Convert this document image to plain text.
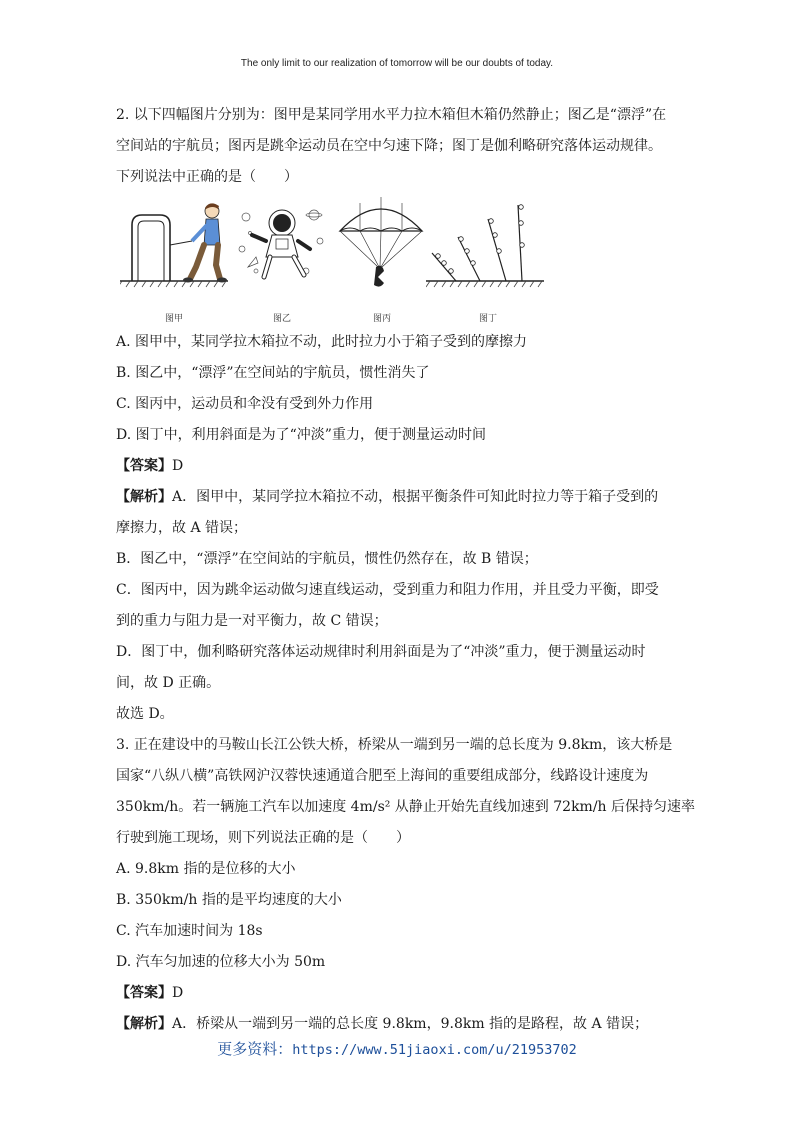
The only limit to our realization of tomorrow will be our doubts of today.
2. 以下四幅图片分别为：图甲是某同学用水平力拉木箱但木箱仍然静止；图乙是“漂浮”在
空间站的宇航员；图丙是跳伞运动员在空中匀速下降；图丁是伽利略研究落体运动规律。
下列说法中正确的是（　　）
图甲	图乙	图丙	图丁
A. 图甲中，某同学拉木箱拉不动，此时拉力小于箱子受到的摩擦力
B. 图乙中，“漂浮”在空间站的宇航员，惯性消失了
C. 图丙中，运动员和伞没有受到外力作用
D. 图丁中，利用斜面是为了“冲淡”重力，便于测量运动时间
【答案】D
【解析】A．图甲中，某同学拉木箱拉不动，根据平衡条件可知此时拉力等于箱子受到的
摩擦力，故 A 错误；
B．图乙中，“漂浮”在空间站的宇航员，惯性仍然存在，故 B 错误；
C．图丙中，因为跳伞运动做匀速直线运动，受到重力和阻力作用，并且受力平衡，即受
到的重力与阻力是一对平衡力，故 C 错误；
D．图丁中，伽利略研究落体运动规律时利用斜面是为了“冲淡”重力，便于测量运动时
间，故 D 正确。
故选 D。
3. 正在建设中的马鞍山长江公铁大桥，桥梁从一端到另一端的总长度为 9.8km，该大桥是
国家“八纵八横”高铁网沪汉蓉快速通道合肥至上海间的重要组成部分，线路设计速度为
350km/h。若一辆施工汽车以加速度 4m/s² 从静止开始先直线加速到 72km/h 后保持匀速率
行驶到施工现场，则下列说法正确的是（　　）
A. 9.8km 指的是位移的大小
B. 350km/h 指的是平均速度的大小
C. 汽车加速时间为 18s
D. 汽车匀加速的位移大小为 50m
【答案】D
【解析】A．桥梁从一端到另一端的总长度 9.8km，9.8km 指的是路程，故 A 错误；
更多资料：https://www.51jiaoxi.com/u/21953702
